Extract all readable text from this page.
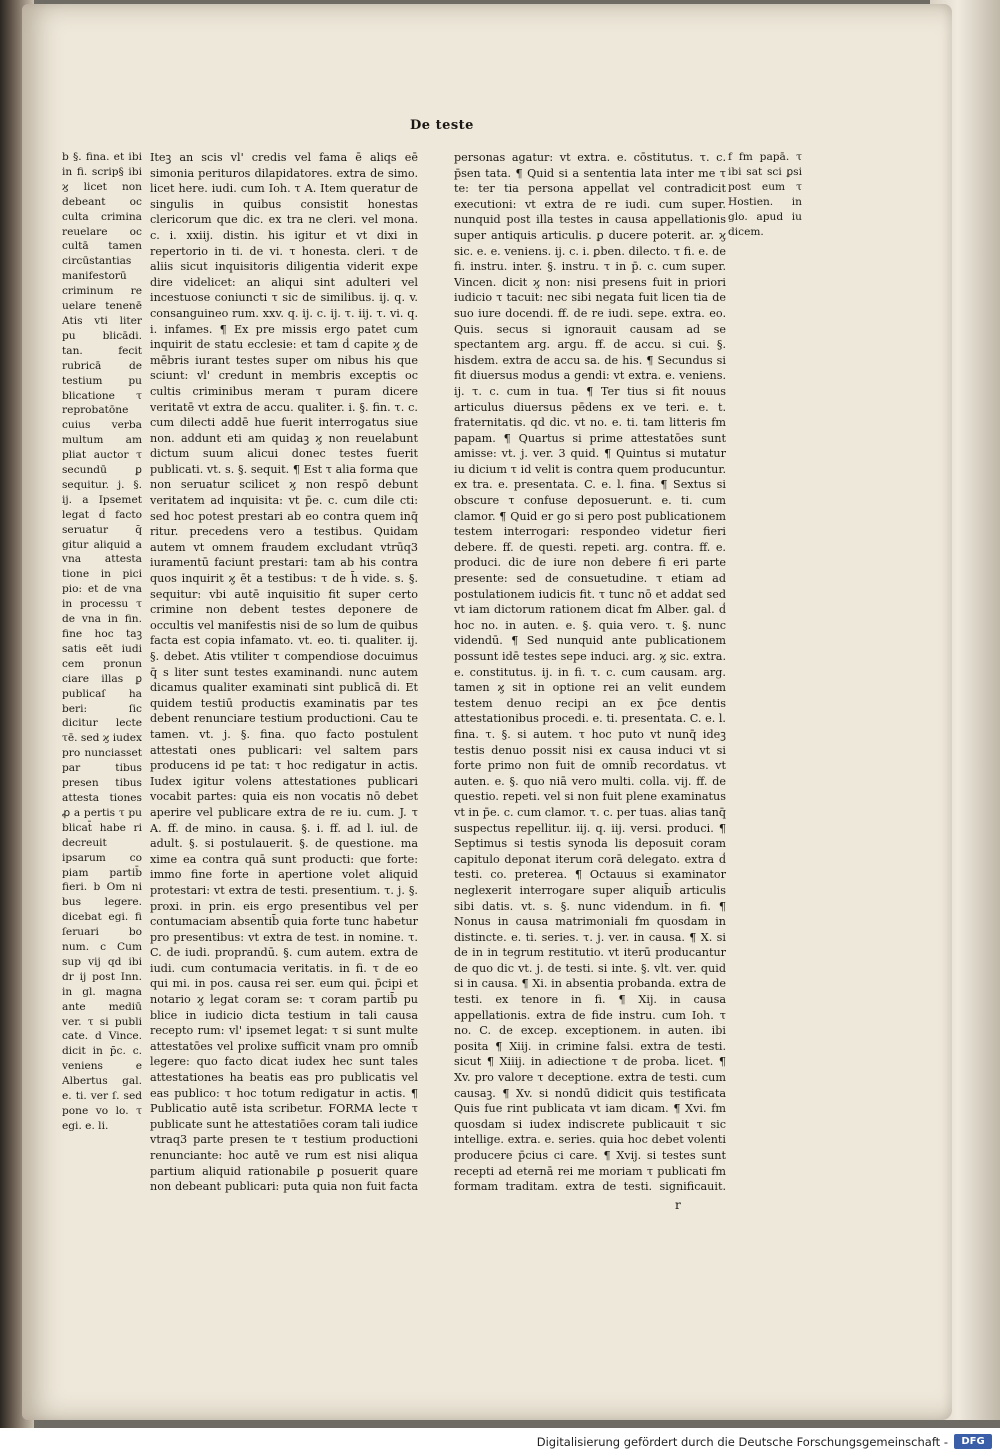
De teste

b §. fina. et ibi in fi. scrip§ ibi ϗ licet non debeant oc culta crimina reuelare oc cultā tamen circūstantias manifestorū criminum re uelare tenenē Atis vti liter pu blicādi. tan. fecit rubricā de testium pu blicatione τ reprobatōne cuius verba multum am pliat auctor τ secundū ꝑ sequitur. j. §. ij. a Ipsemet legat ḋ facto seruatur q̄ gitur aliquid a vna attesta tione in pici pio: et de vna in processu τ de vna in fin. fine hoc taꝫ satis eēt iudi cem pronun ciare illas ꝑ publicaſ ha beri: ſic dicitur lecte τē. sed ϗ iudex pro nunciasset par tibus presen tibus attesta tiones ꝓ a pertis τ pu blicat̄ habe ri decreuit ipsarum co piam partib̄ fieri. b Om ni bus legere. dicebat egi. fi ſeruari bo num. c Cum sup vij qd ibi dr ij post Inn. in gl. magna ante mediū ver. τ si publi cate. d Vince. dicit in p̄c. c. veniens e Albertus gal. e. ti. ver ſ. sed pone vo lo. τ egi. e. li.

Iteꝫ an scis vl' credis vel fama ē aliqs eē simonia perituros dilapidatores. extra de simo. licet here. iudi. cum Ioh. τ A. Item queratur de singulis in quibus consistit honestas clericorum que dic. ex tra ne cleri. vel mona. c. i. xxiij. distin. his igitur et vt dixi in repertorio in ti. de vi. τ honesta. cleri. τ de aliis sicut inquisitoris diligentia viderit expe dire videlicet: an aliqui sint adulteri vel incestuose coniuncti τ sic de similibus. ij. q. v. consanguineo rum. xxv. q. ij. c. ij. τ. iij. τ. vi. q. i. infames. ¶ Ex pre missis ergo patet cum inquirit de statu ecclesie: et tam ḋ capite ϗ de mēbris iurant testes super om nibus his que sciunt: vl' credunt in membris exceptis oc cultis criminibus meram τ puram dicere veritatē vt extra de accu. qualiter. i. §. fin. τ. c. cum dilecti addē hue fuerit interrogatus siue non. addunt eti am quidaꝫ ϗ non reuelabunt dictum suum alicui donec testes fuerit publicati. vt. s. §. sequit. ¶ Est τ alia forma que non seruatur scilicet ϗ non respō debunt veritatem ad inquisita: vt p̄e. c. cum dile cti: sed hoc potest prestari ab eo contra quem inq̄ ritur. precedens vero a testibus. Quidam autem vt omnem fraudem excludant vtrūq3 iuramentū faciunt prestari: tam ab his contra quos inquirit ϗ ēt a testibus: τ de h̄ vide. s. §. sequitur: vbi autē inquisitio fit super certo crimine non debent testes deponere de occultis vel manifestis nisi de so lum de quibus facta est copia infamato. vt. eo. ti. qualiter. ij. §. debet. Atis vtiliter τ compendiose docuimus q̄ s liter sunt testes examinandi. nunc autem dicamus qualiter examinati sint publicā di. Et quidem testiū productis examinatis par tes debent renunciare testium productioni. Cau te tamen. vt. j. §. fina. quo facto postulent attestati ones publicari: vel saltem pars producens id pe tat: τ hoc redigatur in actis. Iudex igitur volens attestationes publicari vocabit partes: quia eis non vocatis nō debet aperire vel publicare extra de re iu. cum. J. τ A. ff. de mino. in causa. §. i. ff. ad l. iul. de adult. §. si postulauerit. §. de questione. ma xime ea contra quā sunt producti: que forte: immo fine forte in apertione volet aliquid protestari: vt extra de testi. presentium. τ. j. §. proxi. in prin. eis ergo presentibus vel per contumaciam absentib̄ quia forte tunc habetur pro presentibus: vt extra de test. in nomine. τ. C. de iudi. proprandū. §. cum autem. extra de iudi. cum contumacia veritatis. in fi. τ de eo qui mi. in pos. causa rei ser. eum qui. p̄cipi et notario ϗ legat coram se: τ coram partib̄ pu blice in iudicio dicta testium in tali causa recepto rum: vl' ipsemet legat: τ si sunt multe attestatōes vel prolixe sufficit vnam pro omnib̄ legere: quo facto dicat iudex hec sunt tales attestationes ha beatis eas pro publicatis vel eas publico: τ hoc totum redigatur in actis. ¶ Publicatio autē ista scribetur. FORMA lecte τ publicate sunt he attestatiōes coram tali iudice vtraq3 parte presen te τ testium productioni renunciante: hoc autē ve rum est nisi aliqua partium aliquid rationabile ꝑ posuerit quare non debeant publicari: puta quia non fuit facta

personas agatur: vt extra. e. cōstitutus. τ. c. p̄sen tata. ¶ Quid si a sententia lata inter me τ te: ter tia persona appellat vel contradicit executioni: vt extra de re iudi. cum super. nunquid post illa testes in causa appellationis super antiquis articulis. ꝑ ducere poterit. ar. ϗ sic. e. e. veniens. ij. c. i. ꝑben. dilecto. τ fi. e. de fi. instru. inter. §. instru. τ in p̄. c. cum super. Vincen. dicit ϗ non: nisi presens fuit in priori iudicio τ tacuit: nec sibi negata fuit licen tia de suo iure docendi. ff. de re iudi. sepe. extra. eo. Quis. secus si ignorauit causam ad se spectantem arg. argu. ff. de accu. si cui. §. hisdem. extra de accu sa. de his. ¶ Secundus si fit diuersus modus a gendi: vt extra. e. veniens. ij. τ. c. cum in tua. ¶ Ter tius si fit nouus articulus diuersus pēdens ex ve teri. e. t. fraternitatis. qd dic. vt no. e. ti. tam litteris fm papam. ¶ Quartus si prime attestatōes sunt amisse: vt. j. ver. 3 quid. ¶ Quintus si mutatur iu dicium τ id velit is contra quem producuntur. ex tra. e. presentata. C. e. l. fina. ¶ Sextus si obscure τ confuse deposuerunt. e. ti. cum clamor. ¶ Quid er go si pero post publicationem testem interrogari: respondeo videtur fieri debere. ff. de questi. repeti. arg. contra. ff. e. produci. dic de iure non debere fi eri parte presente: sed de consuetudine. τ etiam ad postulationem iudicis fit. τ tunc nō et addat sed vt iam dictorum rationem dicat fm Alber. gal. ḋ hoc no. in auten. e. §. quia vero. τ. §. nunc videndū. ¶ Sed nunquid ante publicationem possunt idē testes sepe induci. arg. ϗ sic. extra. e. constitutus. ij. in fi. τ. c. cum causam. arg. tamen ϗ sit in optione rei an velit eundem testem denuo recipi an ex p̄ce dentis attestationibus procedi. e. ti. presentata. C. e. l. fina. τ. §. si autem. τ hoc puto vt nunq̄ ideꝫ testis denuo possit nisi ex causa induci vt si forte primo non fuit de omnib̄ recordatus. vt auten. e. §. quo niā vero multi. colla. vij. ff. de questio. repeti. vel si non fuit plene examinatus vt in p̄e. c. cum clamor. τ. c. per tuas. alias tanq̄ suspectus repellitur. iij. q. iij. versi. produci. ¶ Septimus si testis synoda lis deposuit coram capitulo deponat iterum corā delegato. extra ḋ testi. co. preterea. ¶ Octauus si examinator neglexerit interrogare super aliquib̄ articulis sibi datis. vt. s. §. nunc videndum. in fi. ¶ Nonus in causa matrimoniali fm quosdam in distincte. e. ti. series. τ. j. ver. in causa. ¶ X. si de in in tegrum restitutio. vt iterū producantur de quo dic vt. j. de testi. si inte. §. vlt. ver. quid si in causa. ¶ Xi. in absentia probanda. extra de testi. ex tenore in fi. ¶ Xij. in causa appellationis. extra de fide instru. cum Ioh. τ no. C. de excep. exceptionem. in auten. ibi posita ¶ Xiij. in crimine falsi. extra de testi. sicut ¶ Xiiij. in adiectione τ de proba. licet. ¶ Xv. pro valore τ deceptione. extra de testi. cum causaꝫ. ¶ Xv. si nondū didicit quis testificata Quis fue rint publicata vt iam dicam. ¶ Xvi. fm quosdam si iudex indiscrete publicauit τ sic intellige. extra. e. series. quia hoc debet volenti producere p̄cius ci care. ¶ Xvij. si testes sunt recepti ad eternā rei me moriam τ publicati fm formam traditam. extra de testi. significauit.

f fm papā. τ ibi sat sci ꝑsi post eum τ Hostien. in glo. apud iu dicem.

r
Digitalisierung gefördert durch die Deutsche Forschungsgemeinschaft -	DFG
